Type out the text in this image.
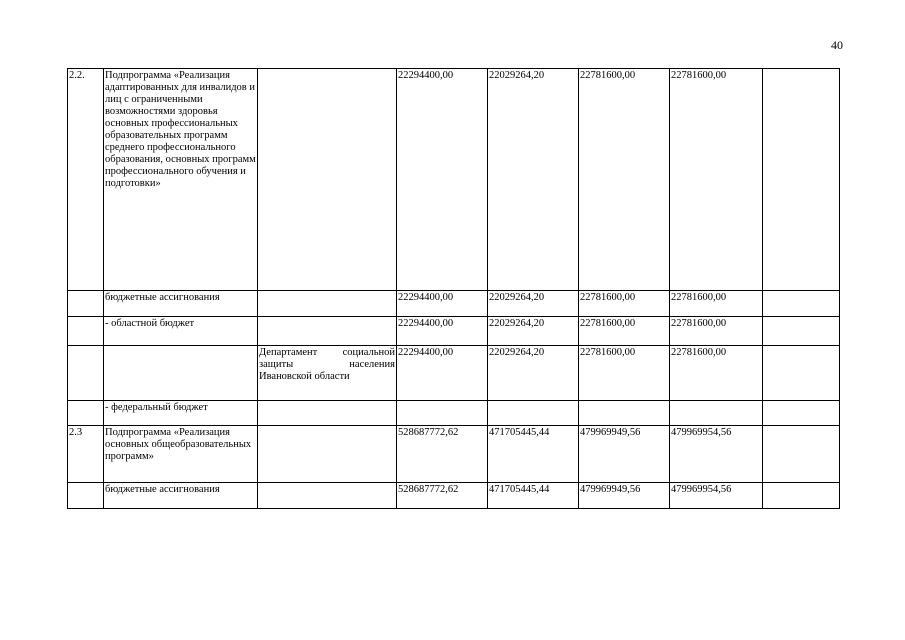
40
2.2.	Подпрограмма «Реализация адаптированных для инвалидов и лиц с ограниченными возможностями здоровья основных профессиональных образовательных программ среднего профессионального образования, основных программ профессионального обучения и подготовки»		22294400,00	22029264,20	22781600,00	22781600,00	
	бюджетные ассигнования		22294400,00	22029264,20	22781600,00	22781600,00	
	- областной бюджет		22294400,00	22029264,20	22781600,00	22781600,00	
		Департамент социальной защиты населения Ивановской области	22294400,00	22029264,20	22781600,00	22781600,00	
	- федеральный бюджет						
2.3	Подпрограмма «Реализация основных общеобразовательных программ»		528687772,62	471705445,44	479969949,56	479969954,56	
	бюджетные ассигнования		528687772,62	471705445,44	479969949,56	479969954,56	
